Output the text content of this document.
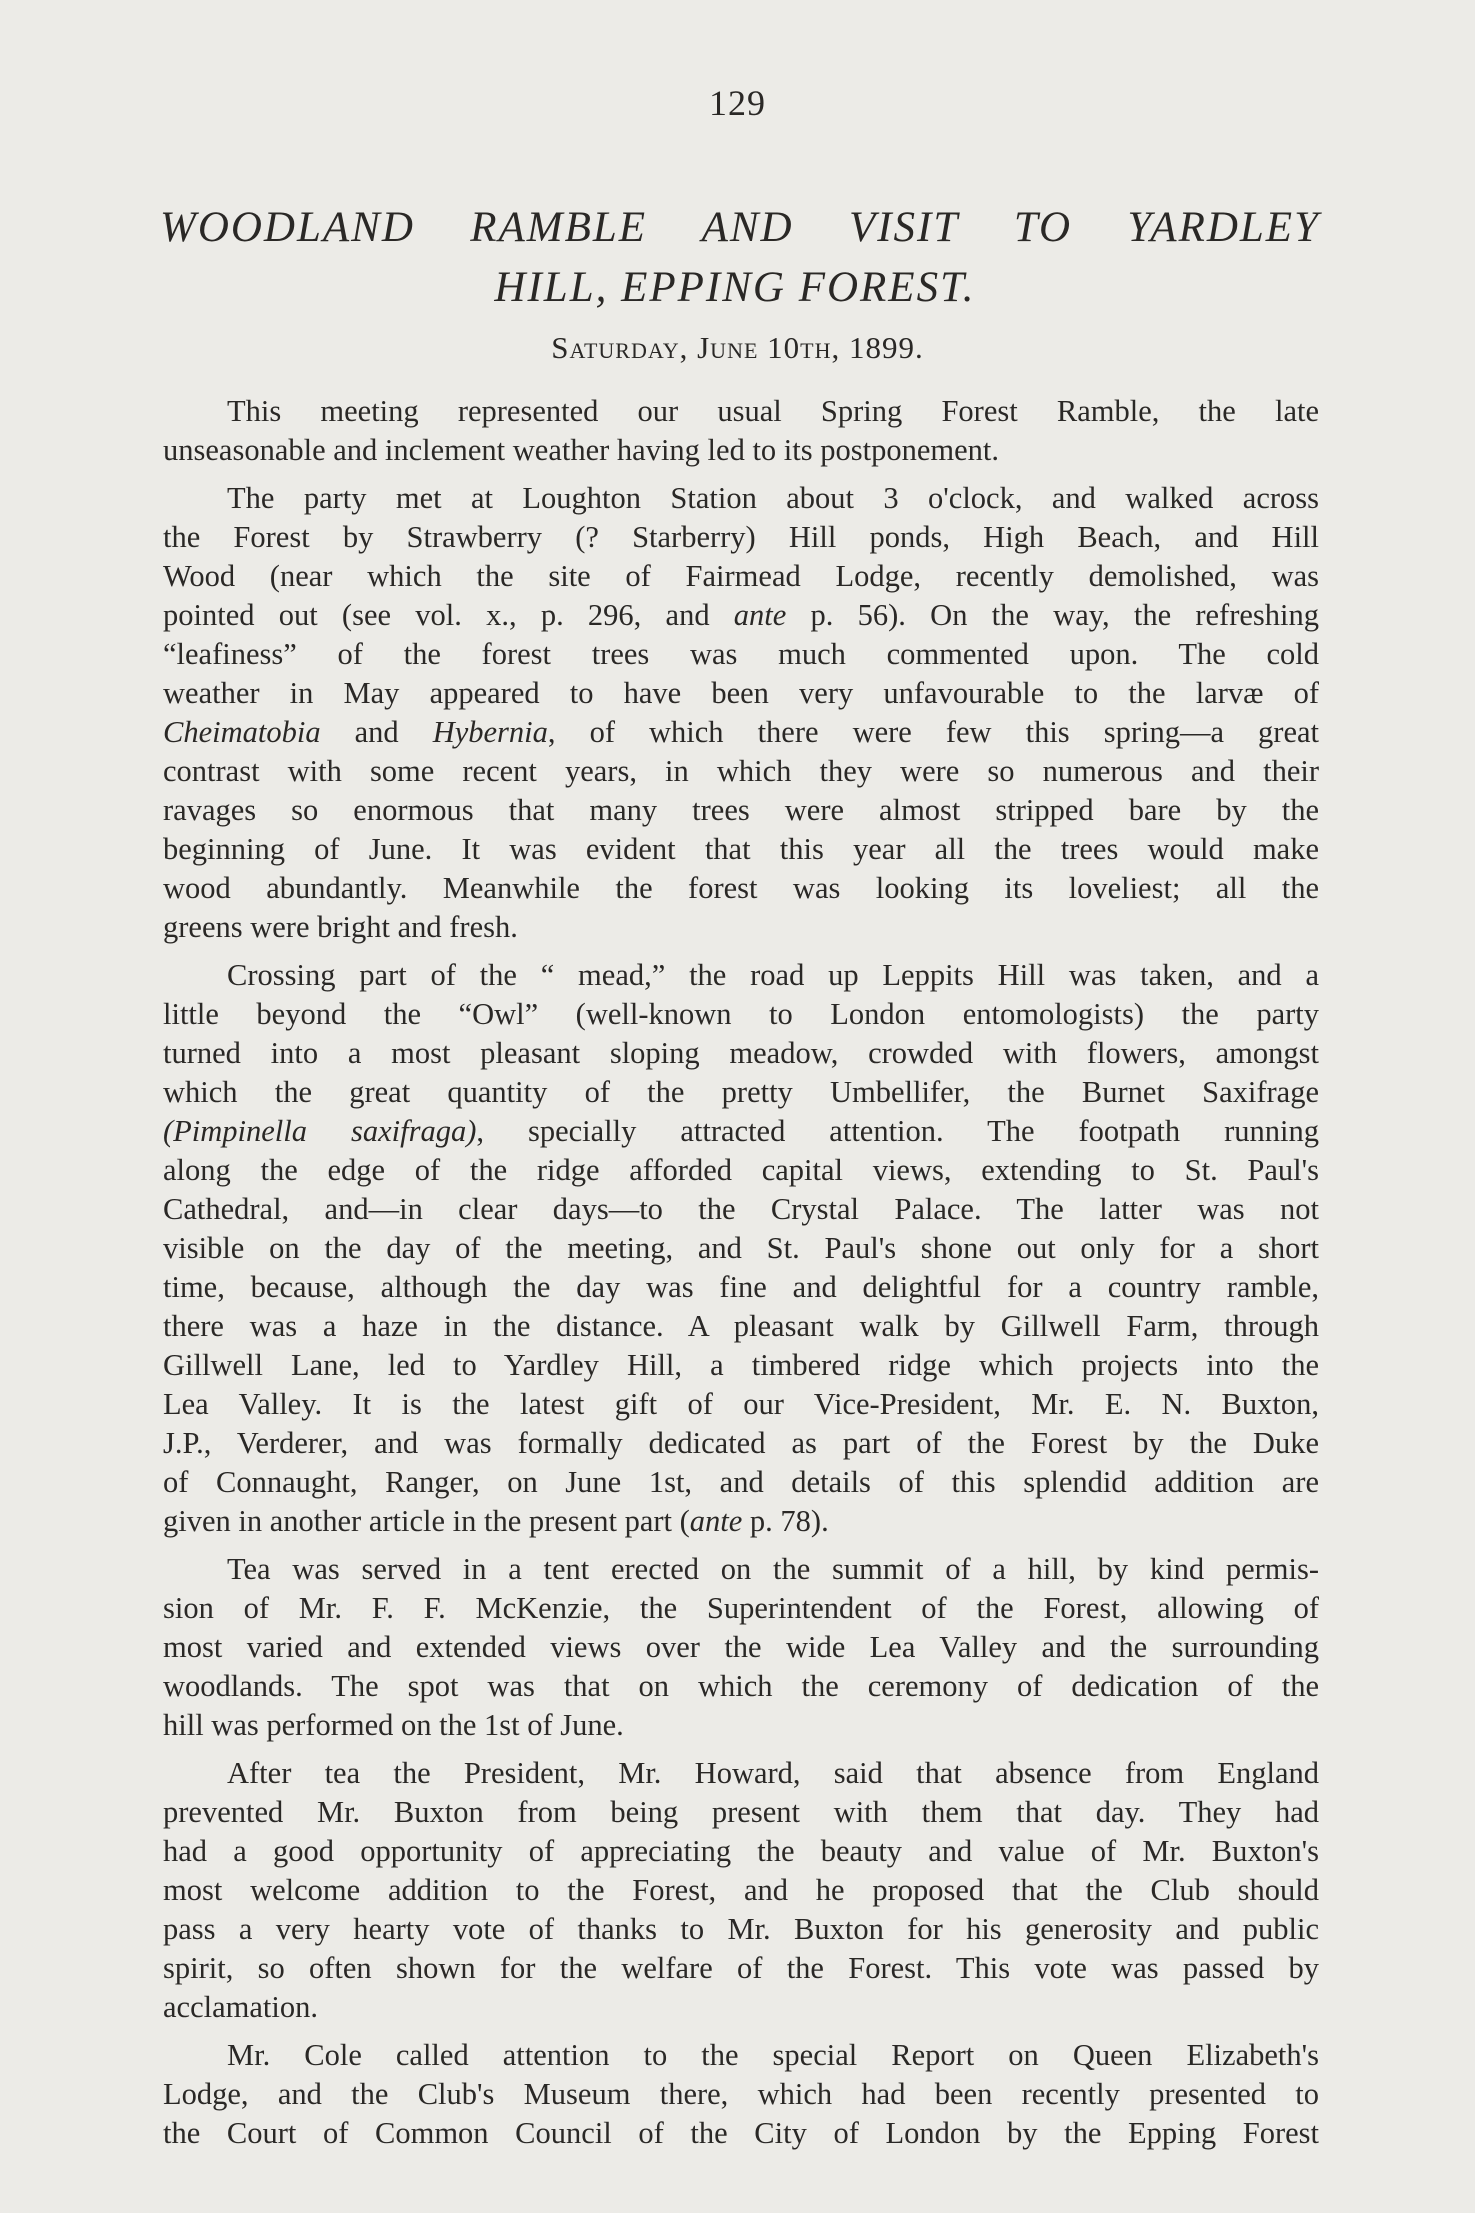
129
WOODLAND RAMBLE AND VISIT TO YARDLEY
HILL, EPPING FOREST.
Saturday, June 10th, 1899.

This meeting represented our usual Spring Forest Ramble, the late
unseasonable and inclement weather having led to its postponement.

The party met at Loughton Station about 3 o'clock, and walked across
the Forest by Strawberry (? Starberry) Hill ponds, High Beach, and Hill
Wood (near which the site of Fairmead Lodge, recently demolished, was
pointed out (see vol. x., p. 296, and ante p. 56). On the way, the refreshing
“leafiness” of the forest trees was much commented upon. The cold
weather in May appeared to have been very unfavourable to the larvæ of
Cheimatobia and Hybernia, of which there were few this spring—a great
contrast with some recent years, in which they were so numerous and their
ravages so enormous that many trees were almost stripped bare by the
beginning of June. It was evident that this year all the trees would make
wood abundantly. Meanwhile the forest was looking its loveliest; all the
greens were bright and fresh.

Crossing part of the “ mead,” the road up Leppits Hill was taken, and a
little beyond the “Owl” (well-known to London entomologists) the party
turned into a most pleasant sloping meadow, crowded with flowers, amongst
which the great quantity of the pretty Umbellifer, the Burnet Saxifrage
(Pimpinella saxifraga), specially attracted attention. The footpath running
along the edge of the ridge afforded capital views, extending to St. Paul's
Cathedral, and—in clear days—to the Crystal Palace. The latter was not
visible on the day of the meeting, and St. Paul's shone out only for a short
time, because, although the day was fine and delightful for a country ramble,
there was a haze in the distance. A pleasant walk by Gillwell Farm, through
Gillwell Lane, led to Yardley Hill, a timbered ridge which projects into the
Lea Valley. It is the latest gift of our Vice-President, Mr. E. N. Buxton,
J.P., Verderer, and was formally dedicated as part of the Forest by the Duke
of Connaught, Ranger, on June 1st, and details of this splendid addition are
given in another article in the present part (ante p. 78).

Tea was served in a tent erected on the summit of a hill, by kind permis-
sion of Mr. F. F. McKenzie, the Superintendent of the Forest, allowing of
most varied and extended views over the wide Lea Valley and the surrounding
woodlands. The spot was that on which the ceremony of dedication of the
hill was performed on the 1st of June.

After tea the President, Mr. Howard, said that absence from England
prevented Mr. Buxton from being present with them that day. They had
had a good opportunity of appreciating the beauty and value of Mr. Buxton's
most welcome addition to the Forest, and he proposed that the Club should
pass a very hearty vote of thanks to Mr. Buxton for his generosity and public
spirit, so often shown for the welfare of the Forest. This vote was passed by
acclamation.

Mr. Cole called attention to the special Report on Queen Elizabeth's
Lodge, and the Club's Museum there, which had been recently presented to
the Court of Common Council of the City of London by the Epping Forest
